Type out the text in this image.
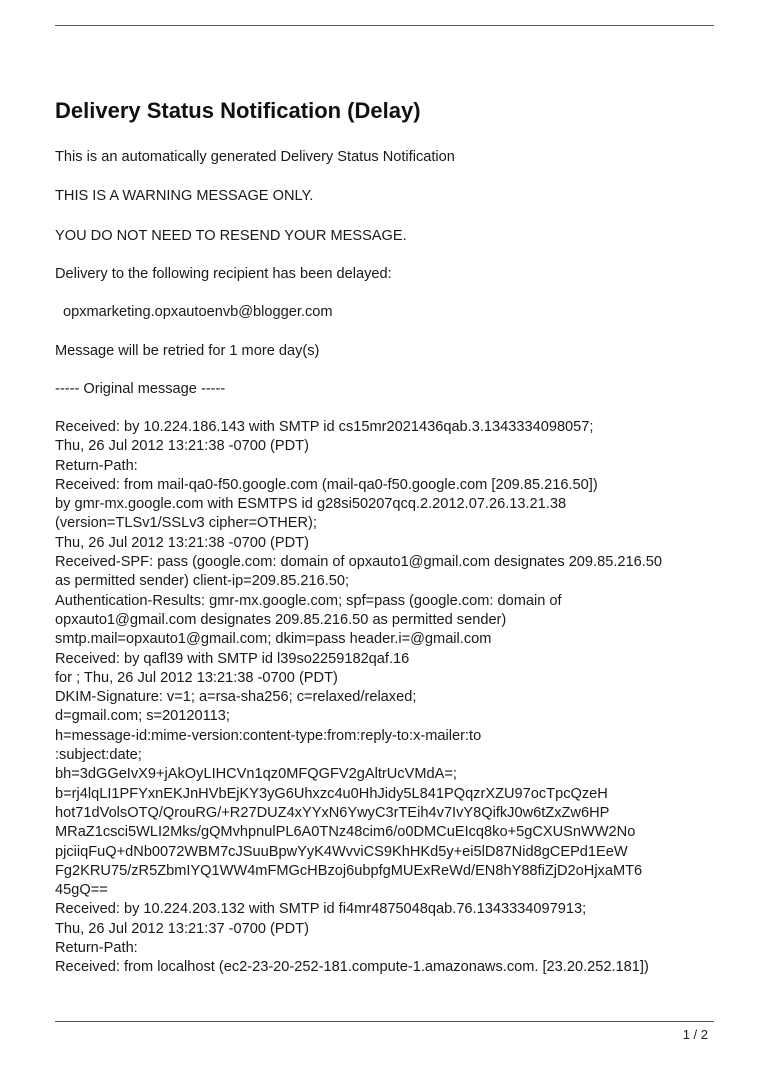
Delivery Status Notification (Delay)
This is an automatically generated Delivery Status Notification
THIS IS A WARNING MESSAGE ONLY.
YOU DO NOT NEED TO RESEND YOUR MESSAGE.
Delivery to the following recipient has been delayed:
opxmarketing.opxautoenvb@blogger.com
Message will be retried for 1 more day(s)
----- Original message -----
Received: by 10.224.186.143 with SMTP id cs15mr2021436qab.3.1343334098057;
Thu, 26 Jul 2012 13:21:38 -0700 (PDT)
Return-Path:
Received: from mail-qa0-f50.google.com (mail-qa0-f50.google.com [209.85.216.50])
by gmr-mx.google.com with ESMTPS id g28si50207qcq.2.2012.07.26.13.21.38
(version=TLSv1/SSLv3 cipher=OTHER);
Thu, 26 Jul 2012 13:21:38 -0700 (PDT)
Received-SPF: pass (google.com: domain of opxauto1@gmail.com designates 209.85.216.50
as permitted sender) client-ip=209.85.216.50;
Authentication-Results: gmr-mx.google.com; spf=pass (google.com: domain of
opxauto1@gmail.com designates 209.85.216.50 as permitted sender)
smtp.mail=opxauto1@gmail.com; dkim=pass header.i=@gmail.com
Received: by qafl39 with SMTP id l39so2259182qaf.16
for ; Thu, 26 Jul 2012 13:21:38 -0700 (PDT)
DKIM-Signature: v=1; a=rsa-sha256; c=relaxed/relaxed;
d=gmail.com; s=20120113;
h=message-id:mime-version:content-type:from:reply-to:x-mailer:to
:subject:date;
bh=3dGGeIvX9+jAkOyLIHCVn1qz0MFQGFV2gAltrUcVMdA=;
b=rj4lqLI1PFYxnEKJnHVbEjKY3yG6Uhxzc4u0HhJidy5L841PQqzrXZU97ocTpcQzeH
hot71dVolsOTQ/QrouRG/+R27DUZ4xYYxN6YwyC3rTEih4v7IvY8QifkJ0w6tZxZw6HP
MRaZ1csci5WLI2Mks/gQMvhpnulPL6A0TNz48cim6/o0DMCuEIcq8ko+5gCXUSnWW2No
pjciiqFuQ+dNb0072WBM7cJSuuBpwYyK4WvviCS9KhHKd5y+ei5lD87Nid8gCEPd1EeW
Fg2KRU75/zR5ZbmIYQ1WW4mFMGcHBzoj6ubpfgMUExReWd/EN8hY88fiZjD2oHjxaMT6
45gQ==
Received: by 10.224.203.132 with SMTP id fi4mr4875048qab.76.1343334097913;
Thu, 26 Jul 2012 13:21:37 -0700 (PDT)
Return-Path:
Received: from localhost (ec2-23-20-252-181.compute-1.amazonaws.com. [23.20.252.181])
1 / 2
